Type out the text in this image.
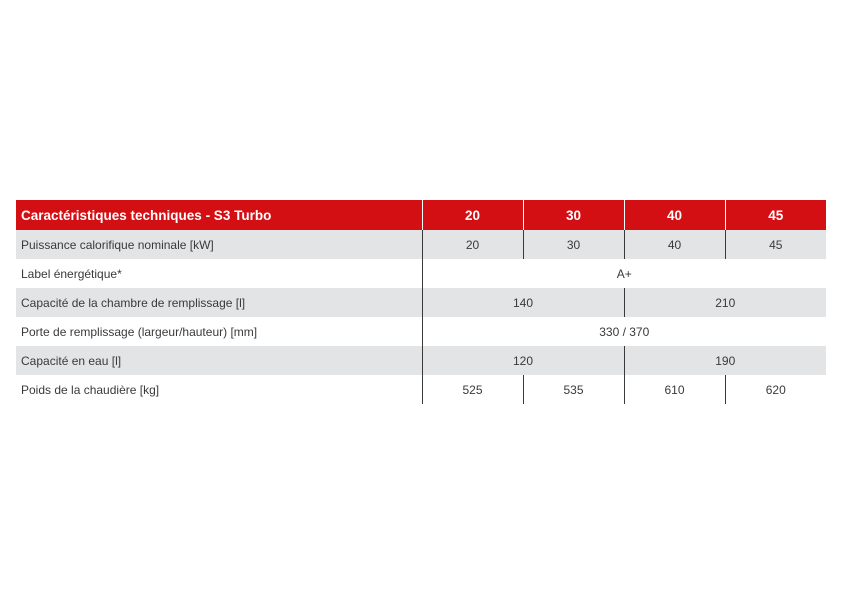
Caractéristiques techniques - S3 Turbo	20	30	40	45
Puissance calorifique nominale [kW]	20	30	40	45
Label énergétique*	A+			
Capacité de la chambre de remplissage [l]	140		210	
Porte de remplissage (largeur/hauteur) [mm]	330 / 370			
Capacité en eau [l]	120		190	
Poids de la chaudière [kg]	525	535	610	620
